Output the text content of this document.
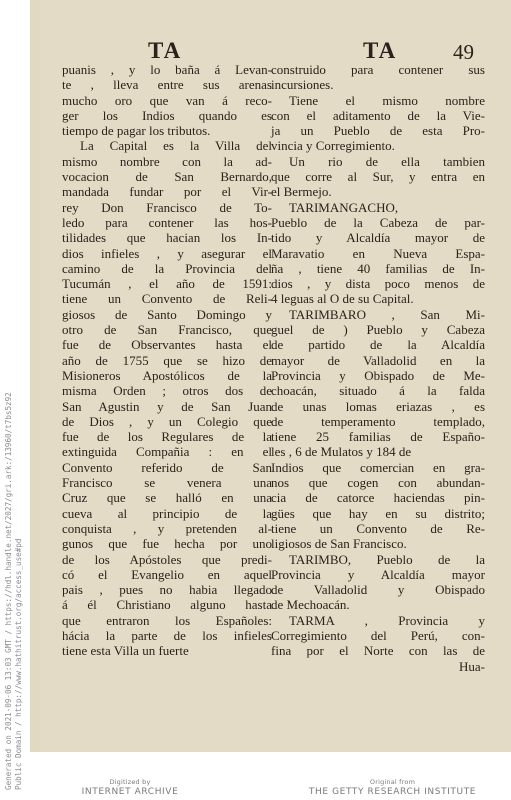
TA	TA	49
puanis , y lo baña á Levan-
te , lleva entre sus arenas
mucho oro que van á reco-
ger los Indios quando es
tiempo de pagar los tributos.
La Capital es la Villa del
mismo nombre con la ad-
vocacion de San Bernardo,
mandada fundar por el Vir-
rey Don Francisco de To-
ledo para contener las hos-
tilidades que hacian los In-
dios infieles , y asegurar el
camino de la Provincia del
Tucumán , el año de 1591:
tiene un Convento de Reli-
giosos de Santo Domingo y
otro de San Francisco, que
fue de Observantes hasta el
año de 1755 que se hizo de
Misioneros Apostólicos de la
misma Orden ; otros dos de
San Agustin y de San Juan
de Dios , y un Colegio que
fue de los Regulares de la
extinguida Compañia : en el
Convento referido de San
Francisco se venera una
Cruz que se halló en una
cueva al principio de la
conquista , y pretenden al-
gunos que fue hecha por uno
de los Apóstoles que predi-
có el Evangelio en aquel
pais , pues no habia llegado
á él Christiano alguno hasta
que entraron los Españoles:
hácia la parte de los infieles
tiene esta Villa un fuerte
construido para contener sus
incursiones.
Tiene el mismo nombre
con el aditamento de la Vie-
ja un Pueblo de esta Pro-
vincia y Corregimiento.
Un rio de ella tambien
que corre al Sur, y entra en
el Bermejo.
TARIMANGACHO,
Pueblo de la Cabeza de par-
tido y Alcaldía mayor de
Maravatio en Nueva Espa-
ña , tiene 40 familias de In-
dios , y dista poco menos de
4 leguas al O de su Capital.
TARIMBARO , San Mi-
guel de ) Pueblo y Cabeza
de partido de la Alcaldía
mayor de Valladolid en la
Provincia y Obispado de Me-
choacán, situado á la falda
de unas lomas eriazas , es
de temperamento templado,
tiene 25 familias de Españo-
les , 6 de Mulatos y 184 de
Indios que comercian en gra-
nos que cogen con abundan-
cia de catorce haciendas pin-
gües que hay en su distrito;
tiene un Convento de Re-
ligiosos de San Francisco.
TARIMBO, Pueblo de la
Provincia y Alcaldía mayor
de Valladolid y Obispado
de Mechoacán.
TARMA , Provincia y
Corregimiento del Perú, con-
fina por el Norte con las de
Hua-
Generated on 2021-09-06 13:03 GMT / https://hdl.handle.net/2027/gri.ark:/13960/t7bs5z92 Public Domain / http://www.hathitrust.org/access_use#pd	Digitized by
INTERNET ARCHIVE
Original from
THE GETTY RESEARCH INSTITUTE
